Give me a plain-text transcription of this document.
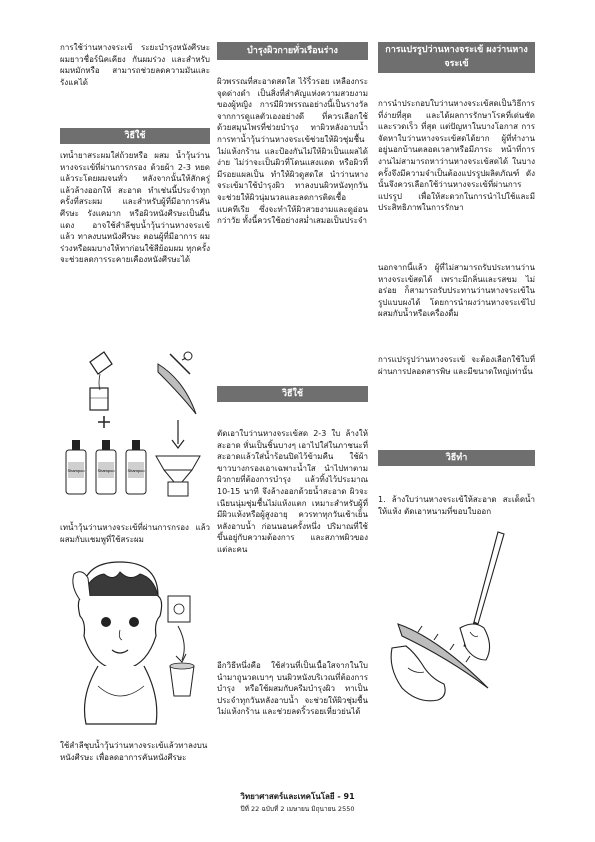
การใช้ว่านหางจระเข้ ระยะบำรุงหนังศีรษะ ผมยาวชื่อร์นิคเคียง กันผมร่วง และสำหรับผมหมักหรือ สามารถช่วยลดความมันและรังแคได้

วิธีใช้

เทน้ำยาสระผมใส่ถ้วยหรือ ผสม น้ำวุ้นว่านหางจระเข้ที่ผ่านการกรอง ด้วยผ้า 2-3 หยด แล้วระโดยผมจนทั่ว หลังจากนั้นให้สักครู่ แล้วล้างออกให้ สะอาด ทำเช่นนี้ประจำทุกครั้งที่สระผม และสำหรับผู้ที่มีอาการคันศีรษะ รังแคมาก หรือผิวหนังศีรษะเป็นผื่นแดง อาจใช้สำลีชุบน้ำวุ้นว่านหางจระเข้ แล้ว ทาลงบนหนังศีรษะ ตอนผู้ที่มีอาการ ผมร่วงหรือผมบางให้ทาก่อนใช้สีย้อมผม ทุกครั้ง จะช่วยลดการระคายเคืองหนังศีรษะได้

Shampoo	Shampoo	Shampoo

เทน้ำวุ้นว่านหางจระเข้ที่ผ่านการกรอง แล้วผสมกับแชมพูที่ใช้สระผม

ใช้สำลีชุบน้ำวุ้นว่านหางจระเข้แล้วทาลงบนหนังศีรษะ เพื่อลดอาการคันหนังศีรษะ

บำรุงผิวกายทั่วเรือนร่าง

ผิวพรรณที่สะอาดสดใส ไร้ริ้วรอย เหลืองกระจุดด่างดำ เป็นสิ่งที่สำคัญแห่งความสวยงามของผู้หญิง การมีผิวพรรณอย่างนี้เป็นรางวัลจากการดูแลตัวเองอย่างดี ที่ควรเลือกใช้ ด้วยสมุนไพรที่ช่วยบำรุง ทาผิวหลังอาบน้ำ การทาน้ำวุ้นว่านหางจระเข้ช่วยให้ผิวชุ่มชื้น ไม่แห้งกร้าน และป้องกันไม่ให้ผิวเป็นแผลได้ง่าย ไม่ว่าจะเป็นผิวที่โดนแสงแดด หรือผิวที่มีรอยแผลเป็น ทำให้ผิวดูสดใส นำว่านหางจระเข้มาใช้บำรุงผิว ทาลงบนผิวหนังทุกวัน จะช่วยให้ผิวนุ่มนวลและลดการติดเชื้อแบคทีเรีย ซึ่งจะทำให้ผิวสวยงามและดูอ่อนกว่าวัย ทั้งนี้ควรใช้อย่างสม่ำเสมอเป็นประจำ

วิธีใช้

ตัดเอาใบว่านหางจระเข้สด 2-3 ใบ ล้างให้สะอาด หั่นเป็นชิ้นบางๆ เอาไปใส่ในภาชนะที่สะอาดแล้วใส่น้ำร้อนปิดไว้ข้ามคืน ใช้ผ้าขาวบางกรองเอาเฉพาะน้ำใส นำไปทาตามผิวกายที่ต้องการบำรุง แล้วทิ้งไว้ประมาณ 10-15 นาที จึงล้างออกด้วยน้ำสะอาด ผิวจะเนียนนุ่มชุ่มชื้นไม่แห้งแตก เหมาะสำหรับผู้ที่มีผิวแห้งหรือผู้สูงอายุ ควรทาทุกวันเช้าเย็นหลังอาบน้ำ ก่อนนอนครั้งหนึ่ง ปริมาณที่ใช้ ขึ้นอยู่กับความต้องการ และสภาพผิวของแต่ละคน

อีกวิธีหนึ่งคือ ใช้ส่วนที่เป็นเนื้อใสจากในใบนำมาถูนวดเบาๆ บนผิวหนังบริเวณที่ต้องการบำรุง หรือใช้ผสมกับครีมบำรุงผิว ทาเป็นประจำทุกวันหลังอาบน้ำ จะช่วยให้ผิวชุ่มชื้นไม่แห้งกร้าน และช่วยลดริ้วรอยเหี่ยวย่นได้

การแปรรูปว่านหางจระเข้ ผงว่านหางจระเข้

การนำประกอบใบว่านหางจระเข้สดเป็นวิธีการที่ง่ายที่สุด และได้ผลการรักษาโรคที่เด่นชัดและรวดเร็ว ที่สุด แต่ปัญหาในบางโอกาส การจัดหาใบว่านหางจระเข้สดได้ยาก ผู้ที่ทำงานอยู่นอกบ้านตลอดเวลาหรือมีภาระ หน้าที่การงานไม่สามารถหาว่านหางจระเข้สดได้ ในบางครั้งจึงมีความจำเป็นต้องแปรรูปผลิตภัณฑ์ ดังนั้นจึงควรเลือกใช้ว่านหางจระเข้ที่ผ่านการแปรรูป เพื่อให้สะดวกในการนำไปใช้และมีประสิทธิภาพในการรักษา

นอกจากนี้แล้ว ผู้ที่ไม่สามารถรับประทานว่านหางจระเข้สดได้ เพราะมีกลิ่นและรสขม ไม่อร่อย ก็สามารถรับประทานว่านหางจระเข้ในรูปแบบผงได้ โดยการนำผงว่านหางจระเข้ไปผสมกับน้ำหรือเครื่องดื่ม

การแปรรูปว่านหางจระเข้ จะต้องเลือกใช้ใบที่ผ่านการปลอดสารพิษ และมีขนาดใหญ่เท่านั้น

วิธีทำ

1. ล้างใบว่านหางจระเข้ให้สะอาด สะเด็ดน้ำให้แห้ง ตัดเอาหนามที่ขอบใบออก

วิทยาศาสตร์และเทคโนโลยี - 91
ปีที่ 22 ฉบับที่ 2 เมษายน มิถุนายน 2550
